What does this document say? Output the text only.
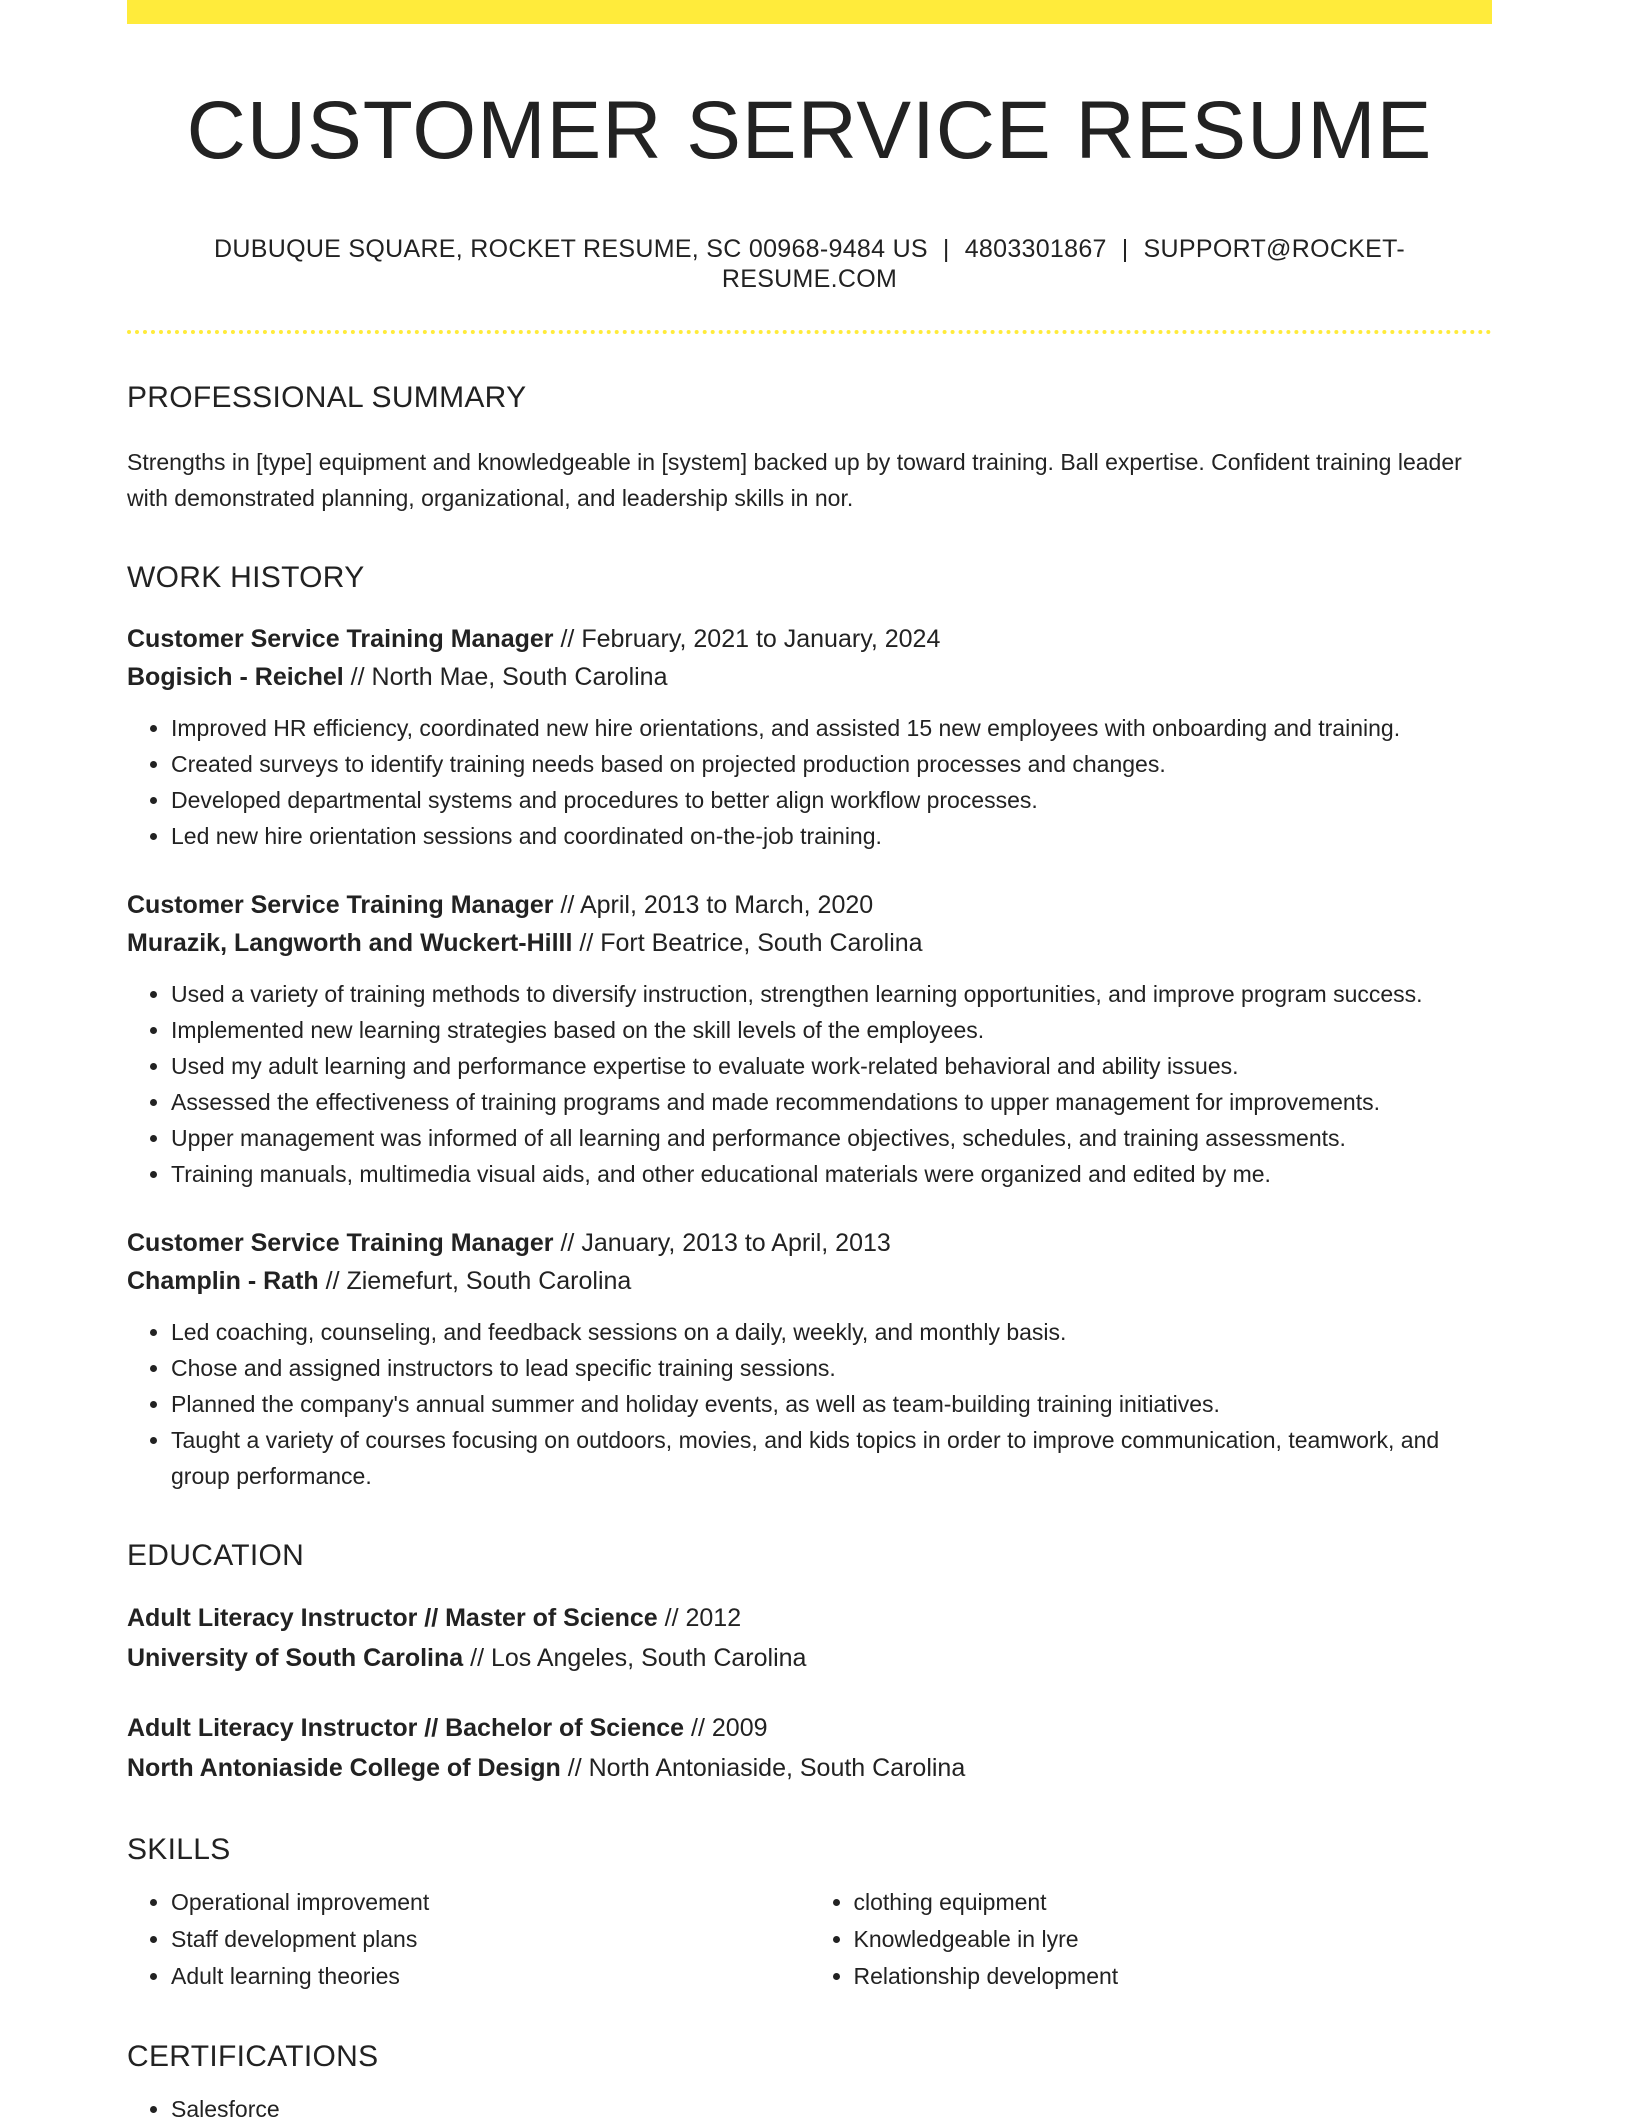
CUSTOMER SERVICE RESUME
DUBUQUE SQUARE, ROCKET RESUME, SC 00968-9484 US | 4803301867 | SUPPORT@ROCKET-RESUME.COM
PROFESSIONAL SUMMARY

Strengths in [type] equipment and knowledgeable in [system] backed up by toward training. Ball expertise. Confident training leader with demonstrated planning, organizational, and leadership skills in nor.

WORK HISTORY
Customer Service Training Manager // February, 2021 to January, 2024
Bogisich - Reichel // North Mae, South Carolina
• Improved HR efficiency, coordinated new hire orientations, and assisted 15 new employees with onboarding and training.
• Created surveys to identify training needs based on projected production processes and changes.
• Developed departmental systems and procedures to better align workflow processes.
• Led new hire orientation sessions and coordinated on-the-job training.
Customer Service Training Manager // April, 2013 to March, 2020
Murazik, Langworth and Wuckert-Hilll // Fort Beatrice, South Carolina
• Used a variety of training methods to diversify instruction, strengthen learning opportunities, and improve program success.
• Implemented new learning strategies based on the skill levels of the employees.
• Used my adult learning and performance expertise to evaluate work-related behavioral and ability issues.
• Assessed the effectiveness of training programs and made recommendations to upper management for improvements.
• Upper management was informed of all learning and performance objectives, schedules, and training assessments.
• Training manuals, multimedia visual aids, and other educational materials were organized and edited by me.
Customer Service Training Manager // January, 2013 to April, 2013
Champlin - Rath // Ziemefurt, South Carolina
• Led coaching, counseling, and feedback sessions on a daily, weekly, and monthly basis.
• Chose and assigned instructors to lead specific training sessions.
• Planned the company's annual summer and holiday events, as well as team-building training initiatives.
• Taught a variety of courses focusing on outdoors, movies, and kids topics in order to improve communication, teamwork, and group performance.
EDUCATION
Adult Literacy Instructor // Master of Science // 2012
University of South Carolina // Los Angeles, South Carolina
Adult Literacy Instructor // Bachelor of Science // 2009
North Antoniaside College of Design // North Antoniaside, South Carolina
SKILLS
• Operational improvement
• Staff development plans
• Adult learning theories
• clothing equipment
• Knowledgeable in lyre
• Relationship development
CERTIFICATIONS
• Salesforce
